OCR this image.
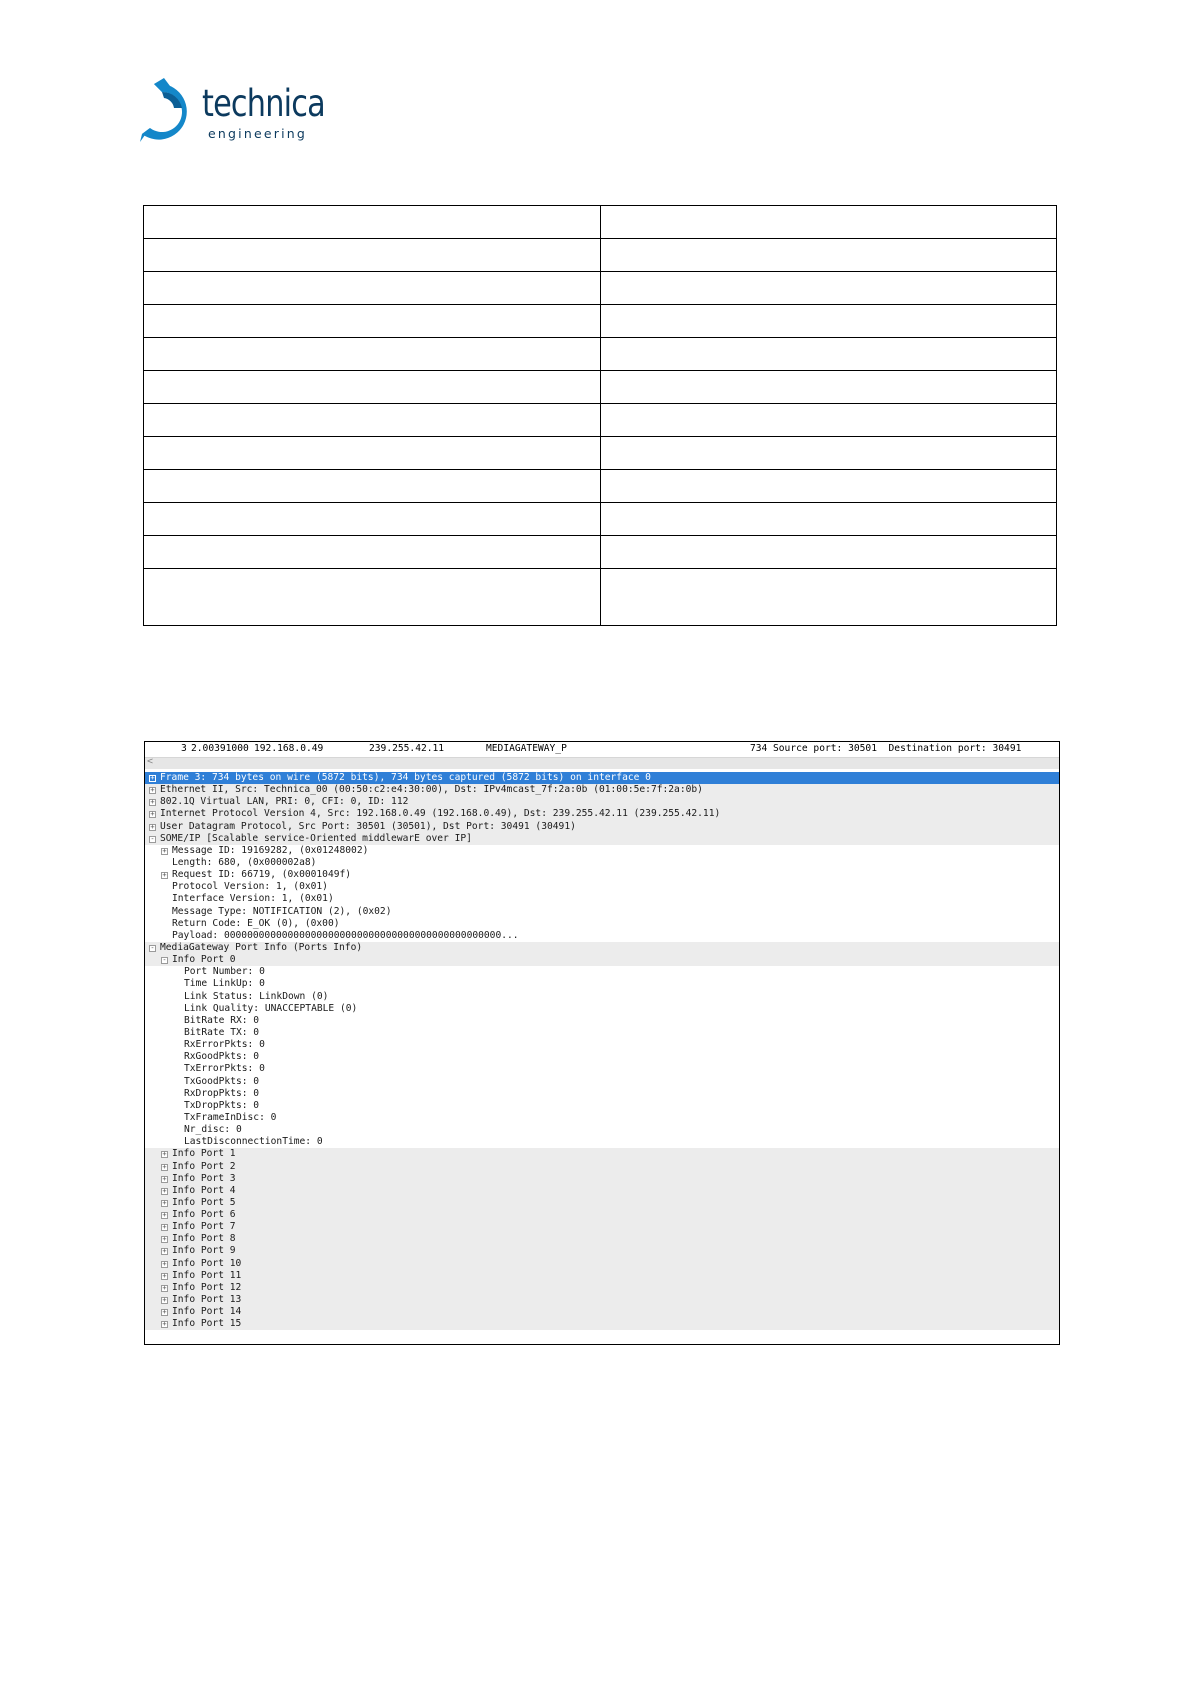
technica
engineering

3

2.00391000

192.168.0.49

	239.255.42.11

	MEDIAGATEWAY_P

	734

Source port: 30501  Destination port: 30491

<
+ Frame 3: 734 bytes on wire (5872 bits), 734 bytes captured (5872 bits) on interface 0
+ Ethernet II, Src: Technica_00 (00:50:c2:e4:30:00), Dst: IPv4mcast_7f:2a:0b (01:00:5e:7f:2a:0b)
+ 802.1Q Virtual LAN, PRI: 0, CFI: 0, ID: 112
+ Internet Protocol Version 4, Src: 192.168.0.49 (192.168.0.49), Dst: 239.255.42.11 (239.255.42.11)
+ User Datagram Protocol, Src Port: 30501 (30501), Dst Port: 30491 (30491)
- SOME/IP [Scalable service-Oriented middlewarE over IP]
+ Message ID: 19169282, (0x01248002)
Length: 680, (0x000002a8)
+ Request ID: 66719, (0x0001049f)
Protocol Version: 1, (0x01)
Interface Version: 1, (0x01)
Message Type: NOTIFICATION (2), (0x02)
Return Code: E_OK (0), (0x00)
Payload: 000000000000000000000000000000000000000000000000...
- MediaGateway Port Info (Ports Info)
- Info Port 0
Port Number: 0
Time LinkUp: 0
Link Status: LinkDown (0)
Link Quality: UNACCEPTABLE (0)
BitRate RX: 0
BitRate TX: 0
RxErrorPkts: 0
RxGoodPkts: 0
TxErrorPkts: 0
TxGoodPkts: 0
RxDropPkts: 0
TxDropPkts: 0
TxFrameInDisc: 0
Nr_disc: 0
LastDisconnectionTime: 0
+ Info Port 1
+ Info Port 2
+ Info Port 3
+ Info Port 4
+ Info Port 5
+ Info Port 6
+ Info Port 7
+ Info Port 8
+ Info Port 9
+ Info Port 10
+ Info Port 11
+ Info Port 12
+ Info Port 13
+ Info Port 14
+ Info Port 15
